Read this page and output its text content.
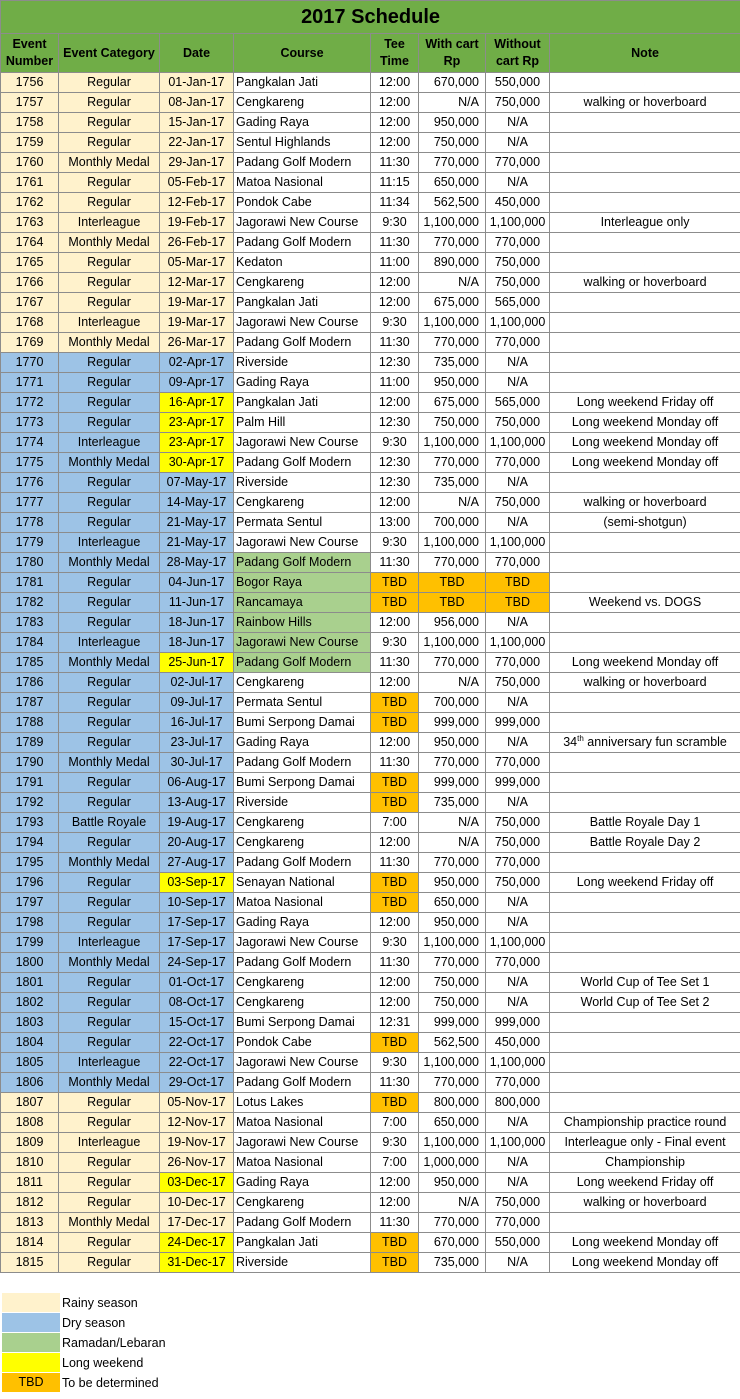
2017 Schedule							
Event Number	Event Category	Date	Course	Tee Time	With cart Rp	Without cart Rp	Note
1756	Regular	01-Jan-17	Pangkalan Jati	12:00	670,000	550,000	
1757	Regular	08-Jan-17	Cengkareng	12:00	N/A	750,000	walking or hoverboard
1758	Regular	15-Jan-17	Gading Raya	12:00	950,000	N/A	
1759	Regular	22-Jan-17	Sentul Highlands	12:00	750,000	N/A	
1760	Monthly Medal	29-Jan-17	Padang Golf Modern	11:30	770,000	770,000	
1761	Regular	05-Feb-17	Matoa Nasional	11:15	650,000	N/A	
1762	Regular	12-Feb-17	Pondok Cabe	11:34	562,500	450,000	
1763	Interleague	19-Feb-17	Jagorawi New Course	9:30	1,100,000	1,100,000	Interleague only
1764	Monthly Medal	26-Feb-17	Padang Golf Modern	11:30	770,000	770,000	
1765	Regular	05-Mar-17	Kedaton	11:00	890,000	750,000	
1766	Regular	12-Mar-17	Cengkareng	12:00	N/A	750,000	walking or hoverboard
1767	Regular	19-Mar-17	Pangkalan Jati	12:00	675,000	565,000	
1768	Interleague	19-Mar-17	Jagorawi New Course	9:30	1,100,000	1,100,000	
1769	Monthly Medal	26-Mar-17	Padang Golf Modern	11:30	770,000	770,000	
1770	Regular	02-Apr-17	Riverside	12:30	735,000	N/A	
1771	Regular	09-Apr-17	Gading Raya	11:00	950,000	N/A	
1772	Regular	16-Apr-17	Pangkalan Jati	12:00	675,000	565,000	Long weekend Friday off
1773	Regular	23-Apr-17	Palm Hill	12:30	750,000	750,000	Long weekend Monday off
1774	Interleague	23-Apr-17	Jagorawi New Course	9:30	1,100,000	1,100,000	Long weekend Monday off
1775	Monthly Medal	30-Apr-17	Padang Golf Modern	12:30	770,000	770,000	Long weekend Monday off
1776	Regular	07-May-17	Riverside	12:30	735,000	N/A	
1777	Regular	14-May-17	Cengkareng	12:00	N/A	750,000	walking or hoverboard
1778	Regular	21-May-17	Permata Sentul	13:00	700,000	N/A	(semi-shotgun)
1779	Interleague	21-May-17	Jagorawi New Course	9:30	1,100,000	1,100,000	
1780	Monthly Medal	28-May-17	Padang Golf Modern	11:30	770,000	770,000	
1781	Regular	04-Jun-17	Bogor Raya	TBD	TBD	TBD	
1782	Regular	11-Jun-17	Rancamaya	TBD	TBD	TBD	Weekend vs. DOGS
1783	Regular	18-Jun-17	Rainbow Hills	12:00	956,000	N/A	
1784	Interleague	18-Jun-17	Jagorawi New Course	9:30	1,100,000	1,100,000	
1785	Monthly Medal	25-Jun-17	Padang Golf Modern	11:30	770,000	770,000	Long weekend Monday off
1786	Regular	02-Jul-17	Cengkareng	12:00	N/A	750,000	walking or hoverboard
1787	Regular	09-Jul-17	Permata Sentul	TBD	700,000	N/A	
1788	Regular	16-Jul-17	Bumi Serpong Damai	TBD	999,000	999,000	
1789	Regular	23-Jul-17	Gading Raya	12:00	950,000	N/A	34th anniversary fun scramble
1790	Monthly Medal	30-Jul-17	Padang Golf Modern	11:30	770,000	770,000	
1791	Regular	06-Aug-17	Bumi Serpong Damai	TBD	999,000	999,000	
1792	Regular	13-Aug-17	Riverside	TBD	735,000	N/A	
1793	Battle Royale	19-Aug-17	Cengkareng	7:00	N/A	750,000	Battle Royale Day 1
1794	Regular	20-Aug-17	Cengkareng	12:00	N/A	750,000	Battle Royale Day 2
1795	Monthly Medal	27-Aug-17	Padang Golf Modern	11:30	770,000	770,000	
1796	Regular	03-Sep-17	Senayan National	TBD	950,000	750,000	Long weekend Friday off
1797	Regular	10-Sep-17	Matoa Nasional	TBD	650,000	N/A	
1798	Regular	17-Sep-17	Gading Raya	12:00	950,000	N/A	
1799	Interleague	17-Sep-17	Jagorawi New Course	9:30	1,100,000	1,100,000	
1800	Monthly Medal	24-Sep-17	Padang Golf Modern	11:30	770,000	770,000	
1801	Regular	01-Oct-17	Cengkareng	12:00	750,000	N/A	World Cup of Tee Set 1
1802	Regular	08-Oct-17	Cengkareng	12:00	750,000	N/A	World Cup of Tee Set 2
1803	Regular	15-Oct-17	Bumi Serpong Damai	12:31	999,000	999,000	
1804	Regular	22-Oct-17	Pondok Cabe	TBD	562,500	450,000	
1805	Interleague	22-Oct-17	Jagorawi New Course	9:30	1,100,000	1,100,000	
1806	Monthly Medal	29-Oct-17	Padang Golf Modern	11:30	770,000	770,000	
1807	Regular	05-Nov-17	Lotus Lakes	TBD	800,000	800,000	
1808	Regular	12-Nov-17	Matoa Nasional	7:00	650,000	N/A	Championship practice round
1809	Interleague	19-Nov-17	Jagorawi New Course	9:30	1,100,000	1,100,000	Interleague only - Final event
1810	Regular	26-Nov-17	Matoa Nasional	7:00	1,000,000	N/A	Championship
1811	Regular	03-Dec-17	Gading Raya	12:00	950,000	N/A	Long weekend Friday off
1812	Regular	10-Dec-17	Cengkareng	12:00	N/A	750,000	walking or hoverboard
1813	Monthly Medal	17-Dec-17	Padang Golf Modern	11:30	770,000	770,000	
1814	Regular	24-Dec-17	Pangkalan Jati	TBD	670,000	550,000	Long weekend Monday off
1815	Regular	31-Dec-17	Riverside	TBD	735,000	N/A	Long weekend Monday off
Rainy season
Dry season
Ramadan/Lebaran
Long weekend
TBD	To be determined
